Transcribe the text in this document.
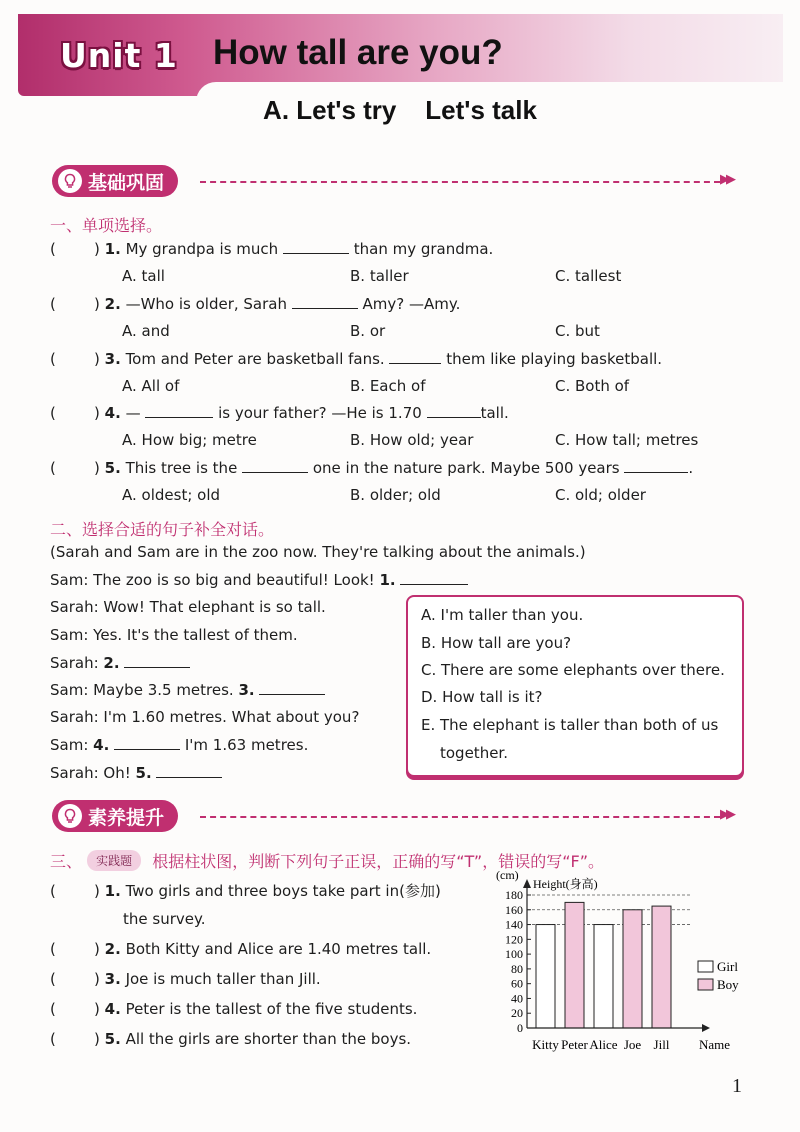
Unit 1 How tall are you?
A. Let's try    Let's talk
基础巩固	▶▶
一、单项选择。
(        ) 1. My grandpa is much	than my grandma.
A. tall	B. taller	C. tallest
(        ) 2. —Who is older, Sarah	Amy? —Amy.
A. and	B. or	C. but
(        ) 3. Tom and Peter are basketball fans.	them like playing basketball.
A. All of	B. Each of	C. Both of
(        ) 4. —	is your father? —He is 1.70	tall.
A. How big; metre	B. How old; year	C. How tall; metres
(        ) 5. This tree is the	one in the nature park. Maybe 500 years	.
A. oldest; old	B. older; old	C. old; older
二、选择合适的句子补全对话。
(Sarah and Sam are in the zoo now. They're talking about the animals.)
Sam: The zoo is so big and beautiful! Look! 1.
Sarah: Wow! That elephant is so tall.
Sam: Yes. It's the tallest of them.
Sarah: 2.
Sam: Maybe 3.5 metres. 3.
Sarah: I'm 1.60 metres. What about you?
Sam: 4.	I'm 1.63 metres.
Sarah: Oh! 5.
A. I'm taller than you.
B. How tall are you?
C. There are some elephants over there.
D. How tall is it?
E. The elephant is taller than both of us
together.
素养提升	▶▶
三、 实践题 根据柱状图，判断下列句子正误，正确的写“T”，错误的写“F”。
(        ) 1. Two girls and three boys take part in(参加)
the survey.
(        ) 2. Both Kitty and Alice are 1.40 metres tall.
(        ) 3. Joe is much taller than Jill.
(        ) 4. Peter is the tallest of the five students.
(        ) 5. All the girls are shorter than the boys.	Kitty Peter Alice Joe Jill
0
20
40
60
80
100
120
140
160
180
(cm)
Height(身高)
Name
Girl
Boy
1
